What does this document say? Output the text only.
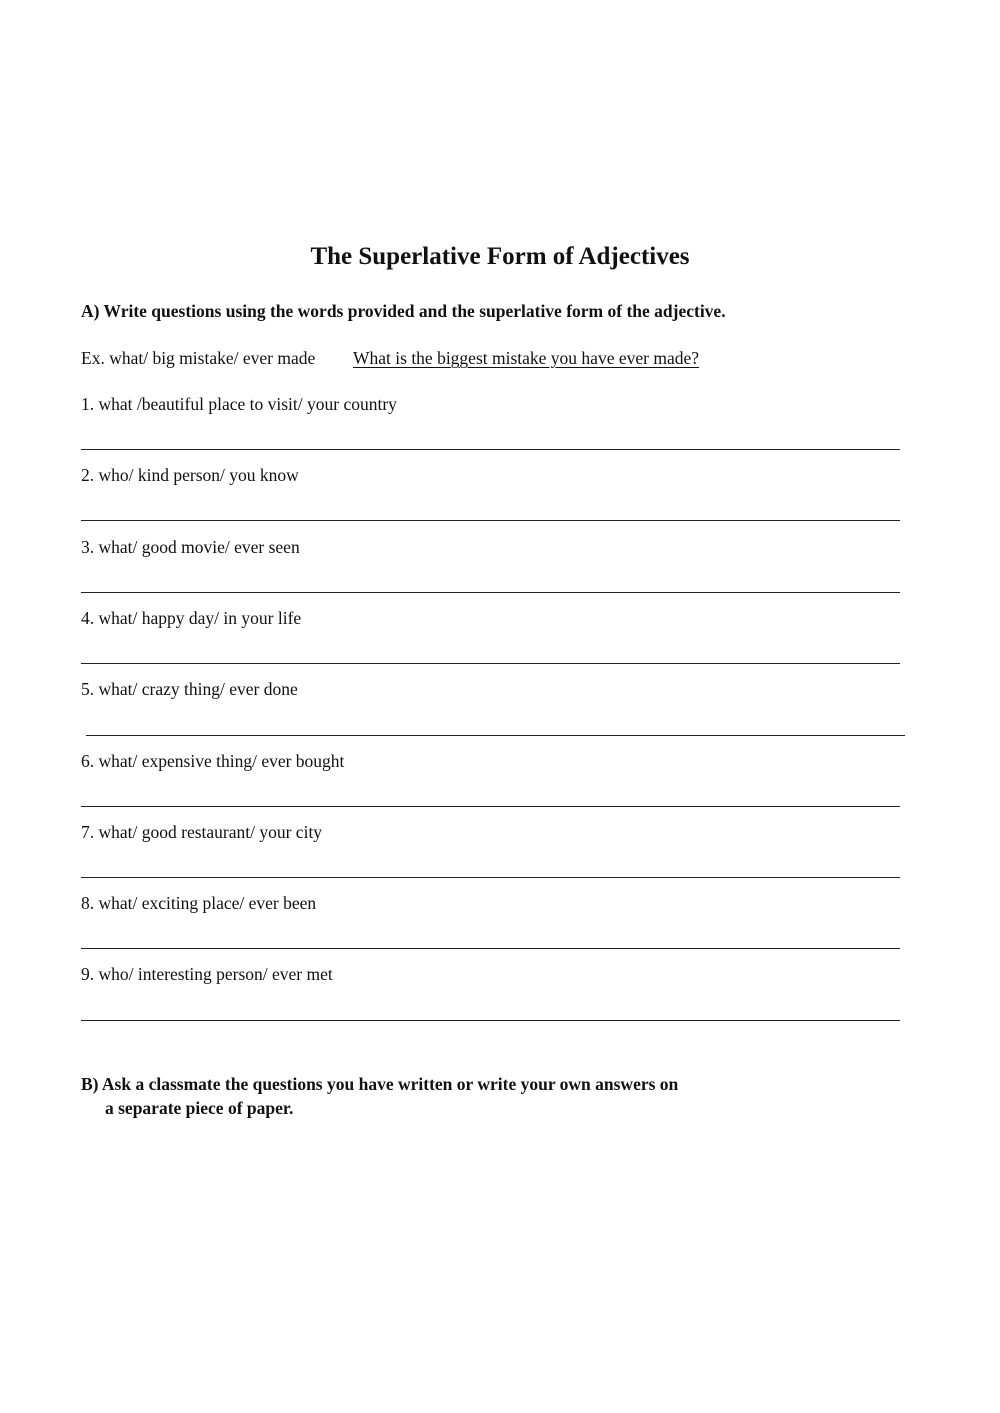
The Superlative Form of Adjectives
A) Write questions using the words provided and the superlative form of the adjective.
Ex. what/ big mistake/ ever made What is the biggest mistake you have ever made?
1. what /beautiful place to visit/ your country
2. who/ kind person/ you know
3. what/ good movie/ ever seen
4. what/ happy day/ in your life
5. what/ crazy thing/ ever done
6. what/ expensive thing/ ever bought
7. what/ good restaurant/ your city
8. what/ exciting place/ ever been
9. who/ interesting person/ ever met
B) Ask a classmate the questions you have written or write your own answers on
a separate piece of paper.
